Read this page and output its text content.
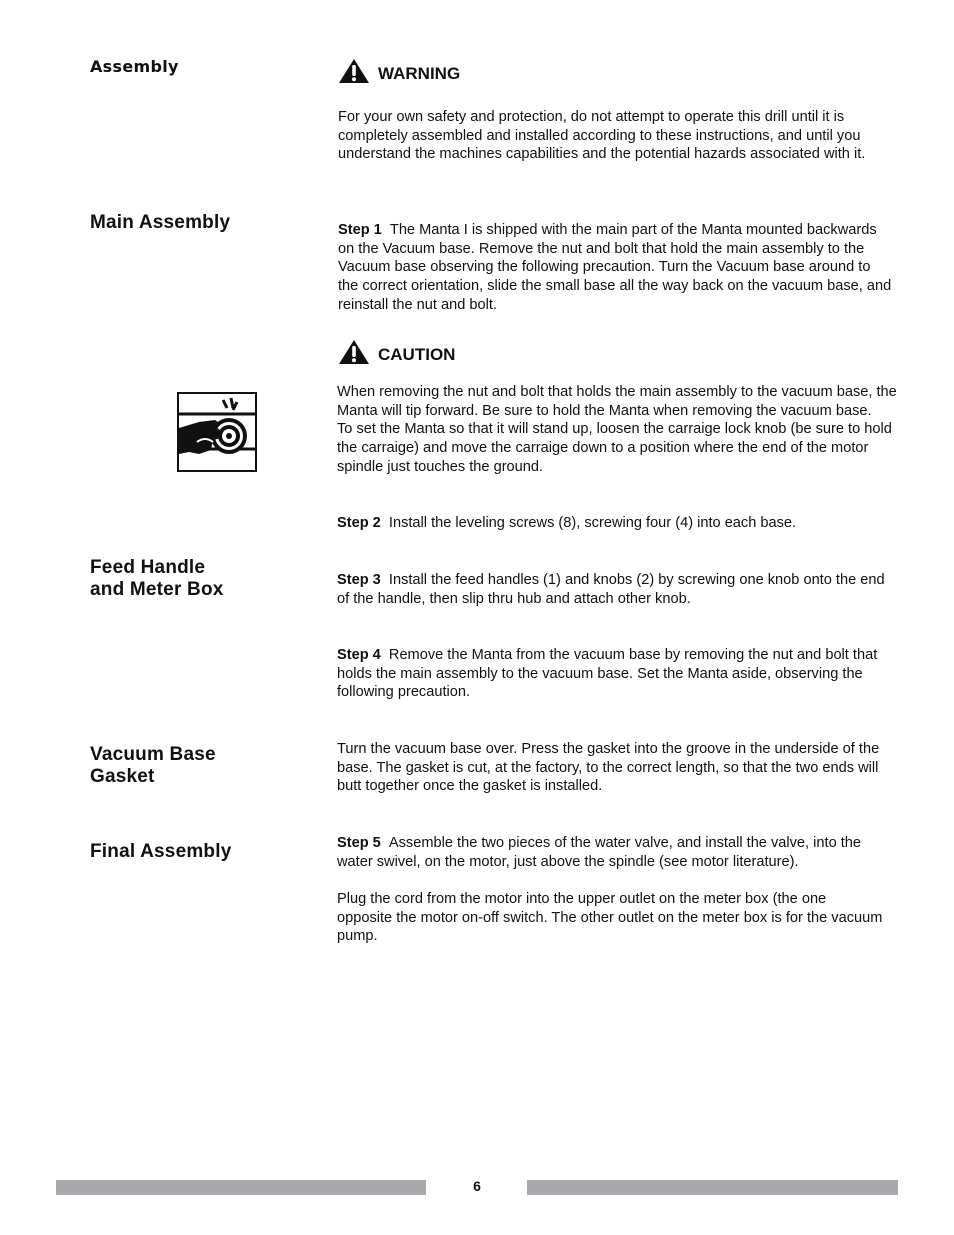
Assembly
Main Assembly
Feed Handle
and Meter Box
Vacuum Base
Gasket
Final Assembly
WARNING
For your own safety and protection, do not attempt to operate this drill until it is completely assembled and installed according to these instructions, and until you understand the machines capabilities and the potential hazards associated with it.
Step 1 The Manta I is shipped with the main part of the Manta mounted backwards on the Vacuum base. Remove the nut and bolt that hold the main assembly to the Vacuum base observing the following precaution. Turn the Vacuum base around to the correct orientation, slide the small base all the way back on the vacuum base, and reinstall the nut and bolt.
CAUTION
When removing the nut and bolt that holds the main assembly to the vacuum base, the Manta will tip forward. Be sure to hold the Manta when removing the vacuum base.
To set the Manta so that it will stand up, loosen the carraige lock knob (be sure to hold the carraige) and move the carraige down to a position where the end of the motor spindle just touches the ground.
Step 2 Install the leveling screws (8), screwing four (4) into each base.
Step 3 Install the feed handles (1) and knobs (2) by screwing one knob onto the end of the handle, then slip thru hub and attach other knob.
Step 4 Remove the Manta from the vacuum base by removing the nut and bolt that holds the main assembly to the vacuum base. Set the Manta aside, observing the following precaution.
Turn the vacuum base over. Press the gasket into the groove in the underside of the base. The gasket is cut, at the factory, to the correct length, so that the two ends will butt together once the gasket is installed.
Step 5 Assemble the two pieces of the water valve, and install the valve, into the water swivel, on the motor, just above the spindle (see motor literature).
Plug the cord from the motor into the upper outlet on the meter box (the one opposite the motor on-off switch. The other outlet on the meter box is for the vacuum pump.
6
